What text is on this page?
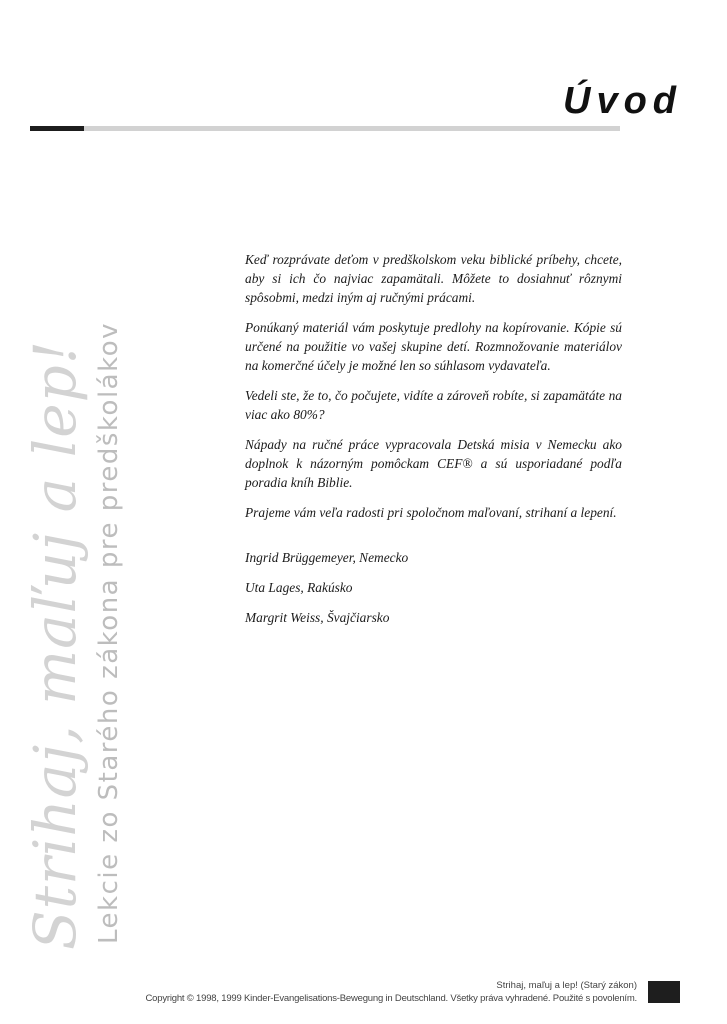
Úvod

Keď rozprávate deťom v predškolskom veku biblické príbehy, chcete, aby si ich čo najviac zapamätali. Môžete to dosiahnuť rôznymi spôsobmi, medzi iným aj ručnými prácami.

Ponúkaný materiál vám poskytuje predlohy na kopírovanie. Kópie sú určené na použitie vo vašej skupine detí. Rozmnožovanie materiálov na komerčné účely je možné len so súhlasom vydavateľa.

Vedeli ste, že to, čo počujete, vidíte a zároveň robíte, si zapamätáte na viac ako 80%?

Nápady na ručné práce vypracovala Detská misia v Nemecku ako doplnok k názorným pomôckam CEF® a sú usporiadané podľa poradia kníh Biblie.

Prajeme vám veľa radosti pri spoločnom maľovaní, strihaní a lepení.

Ingrid Brüggemeyer, Nemecko

Uta Lages, Rakúsko

Margrit Weiss, Švajčiarsko

Strihaj, maľuj a lep! Lekcie zo Starého zákona pre predškolákov
Strihaj, maľuj a lep! (Starý zákon)
Copyright © 1998, 1999 Kinder-Evangelisations-Bewegung in Deutschland. Všetky práva vyhradené. Použité s povolením.
